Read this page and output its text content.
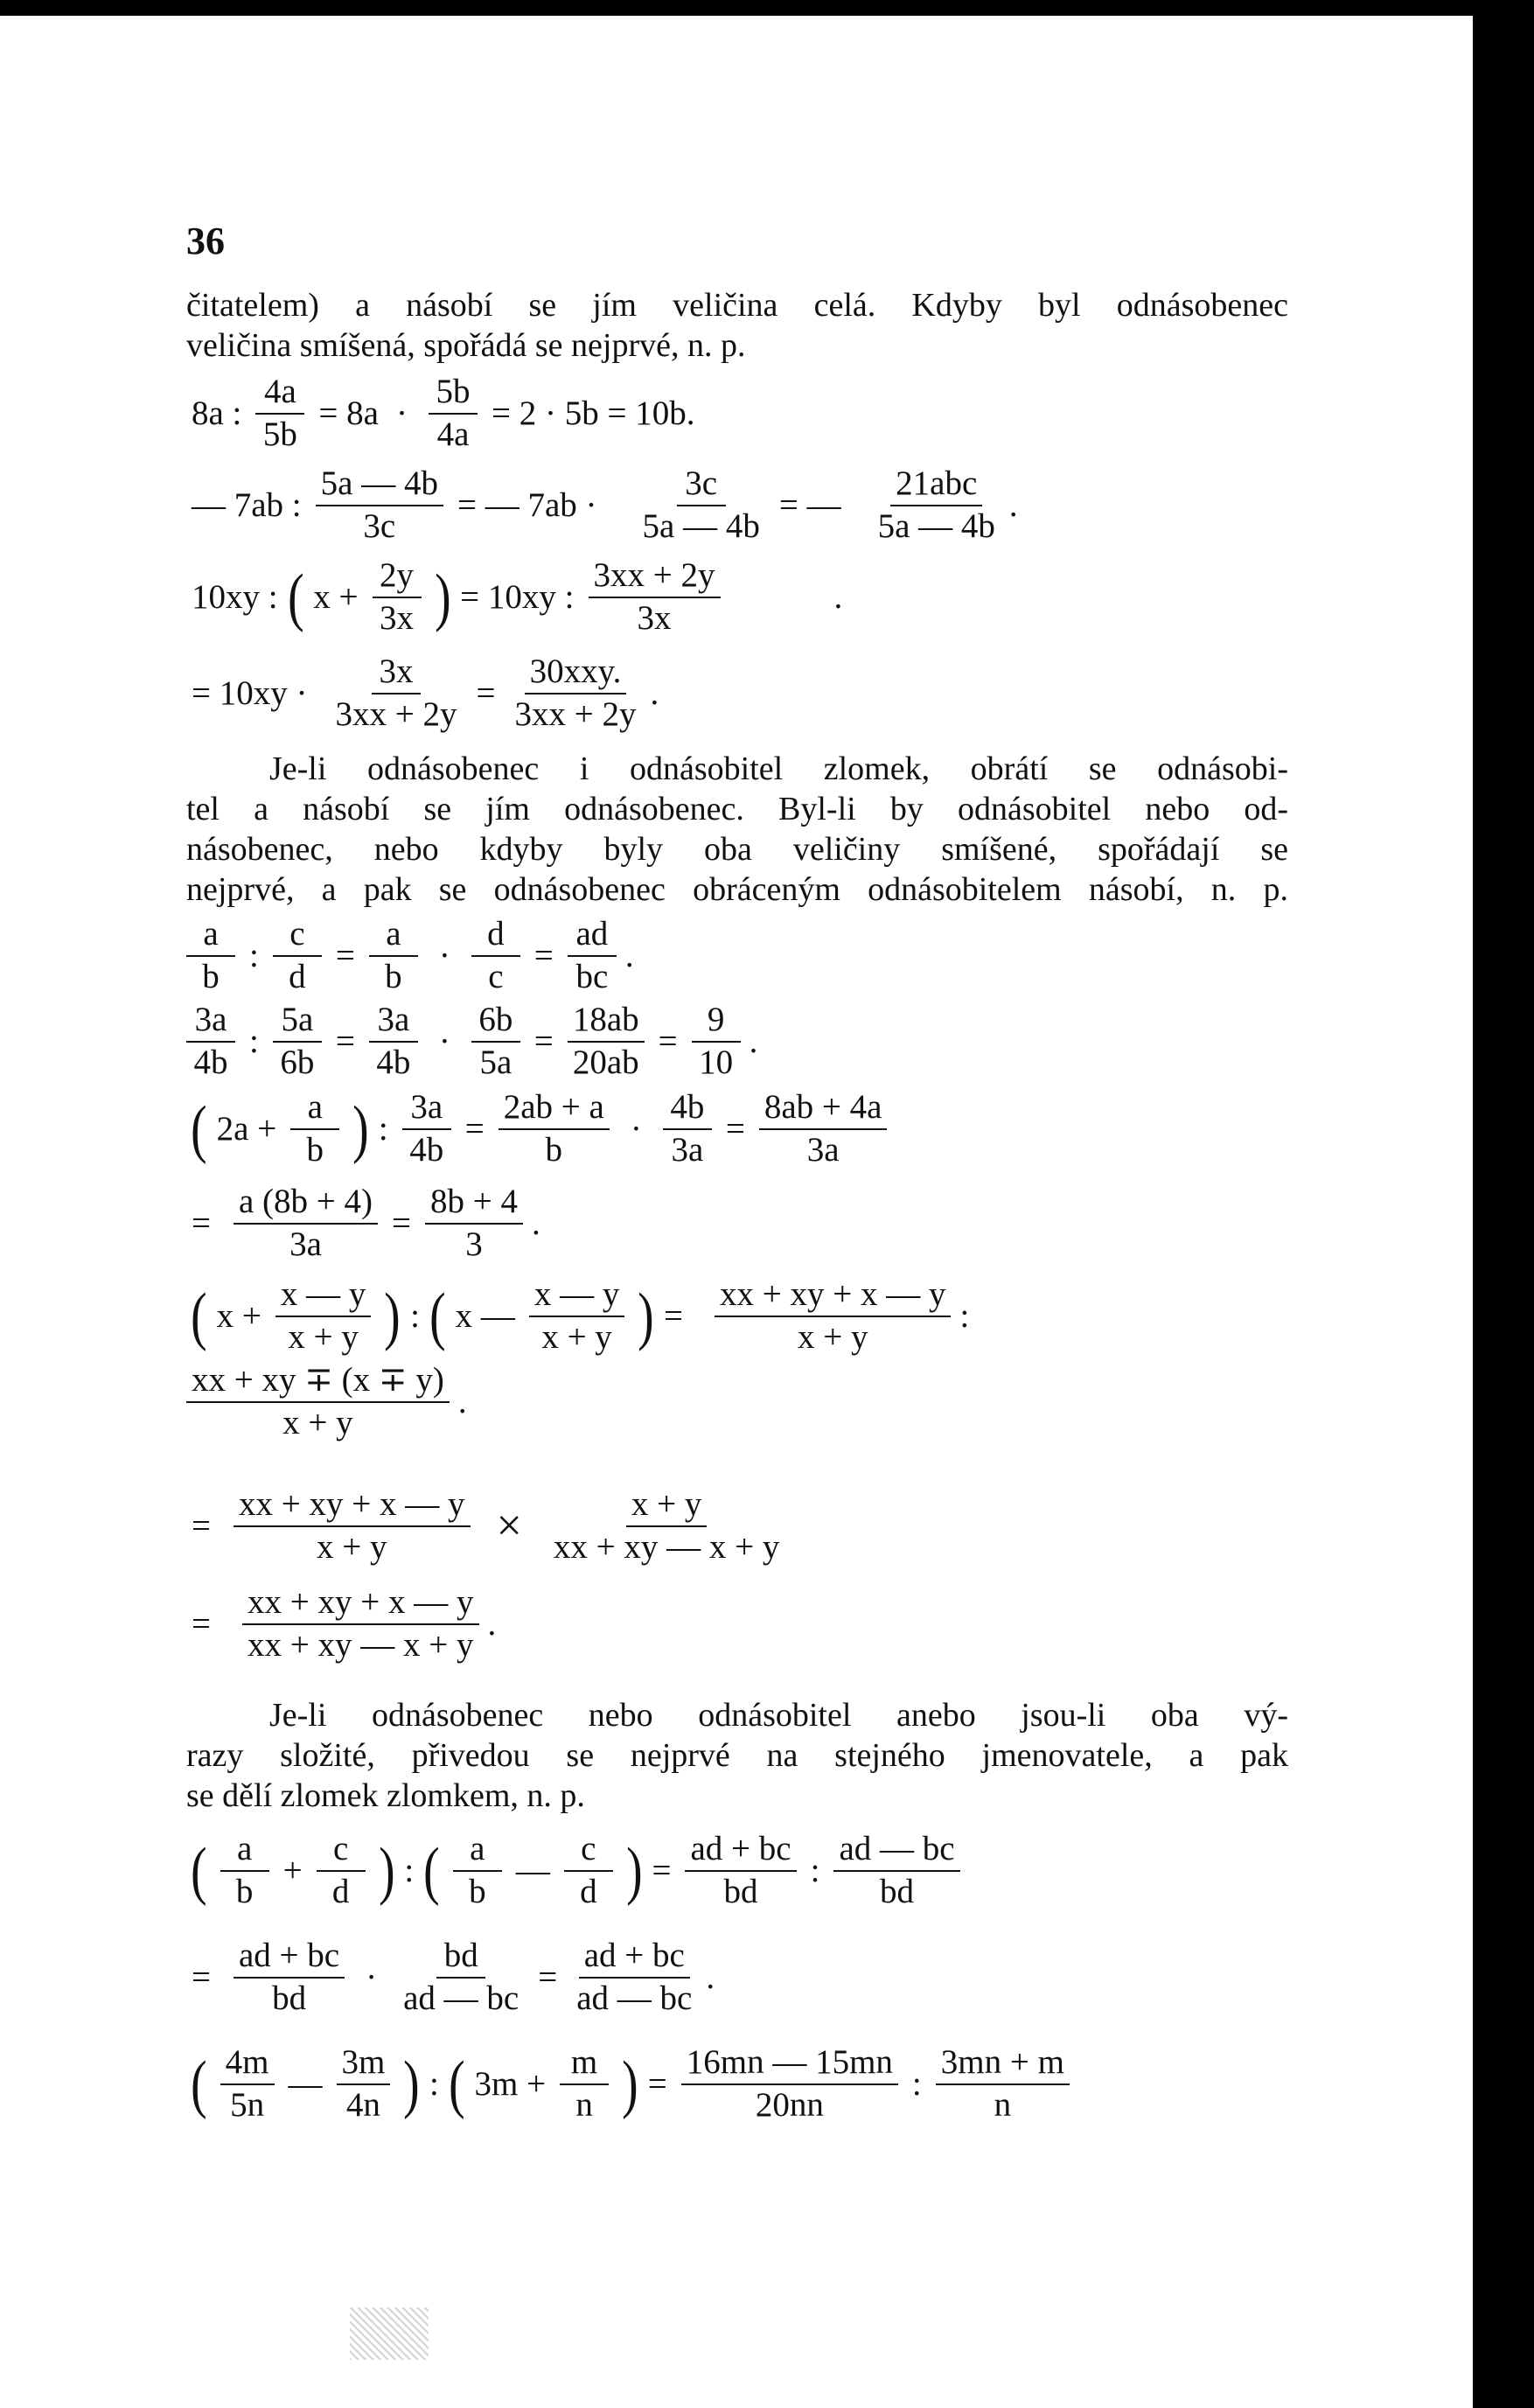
36
čitatelem) a násobí se jím veličina celá. Kdyby byl odnásobenec
veličina smíšená, spořádá se nejprvé, n. p.
8a : $\frac{4a}{5b} = 8a \cdot \frac{5b}{4a} = 2 \cdot 5b = 10b$.
— 7ab : $\frac{5a — 4b}{3c}$ = — $7ab \cdot \frac{3c}{5a — 4b}$ = — $\frac{\text{21abc}}{5a — 4b}$ .
10xy : ( $x + \frac{2y}{3x}$ ) = 10xy : $\frac{3xx + 2y}{3x}$	.
= $10xy \cdot \frac{3x}{3xx + 2y} = \frac{\text{30xxy.}}{3xx + 2y}$ .
Je-li odnásobenec i odnásobitel zlomek, obrátí se odnásobi-
tel a násobí se jím odnásobenec. Byl-li by odnásobitel nebo od-
násobenec, nebo kdyby byly oba veličiny smíšené, spořádají se
nejprvé, a pak se odnásobenec obráceným odnásobitelem násobí, n. p.
$\frac{a}{b}$ : $\frac{c}{d} = \frac{a}{b} \cdot \frac{d}{c} = \frac{ad}{bc}$ .
$\frac{3a}{4b}$ : $\frac{5a}{6b} = \frac{3a}{4b} \cdot \frac{6b}{5a} = \frac{18ab}{20ab} = \frac{9}{10}$ .
( $2a + \frac{a}{b}$ ) : $\frac{3a}{4b} = \frac{2ab + a}{b} \cdot \frac{4b}{3a} = \frac{8ab + 4a}{3a}$
= $\frac{a (8b + 4)}{3a} = \frac{8b + 4}{3}$ .
( $x + \frac{x — y}{x + y}$ ) : ( x — $\frac{x — y}{x + y}$ ) = $\frac{xx + xy + x — y}{x + y}$ :
$\frac{xx + xy \mp (x \mp y)}{x + y}$ .
= $\frac{xx + xy + x — y}{x + y} \times \frac{x + y}{xx + xy — x + y}$
= $\frac{xx + xy + x — y}{xx + xy — x + y}$ .
Je-li odnásobenec nebo odnásobitel anebo jsou-li oba vý-
razy složité, přivedou se nejprvé na stejného jmenovatele, a pak
se dělí zlomek zlomkem, n. p.
( $\frac{a}{b} + \frac{c}{d}$ ) : ( $\frac{a}{b}$ — $\frac{c}{d}$ ) = $\frac{ad + bc}{bd}$ : $\frac{ad — bc}{bd}$
= $\frac{ad + bc}{bd} \cdot \frac{bd}{ad — bc} = \frac{ad + bc}{ad — bc}$ .
( $\frac{4m}{5n}$ — $\frac{3m}{4n}$ ) : ( $3m + \frac{m}{n}$ ) = $\frac{16mn — 15mn}{20nn}$ : $\frac{3mn + m}{n}$
